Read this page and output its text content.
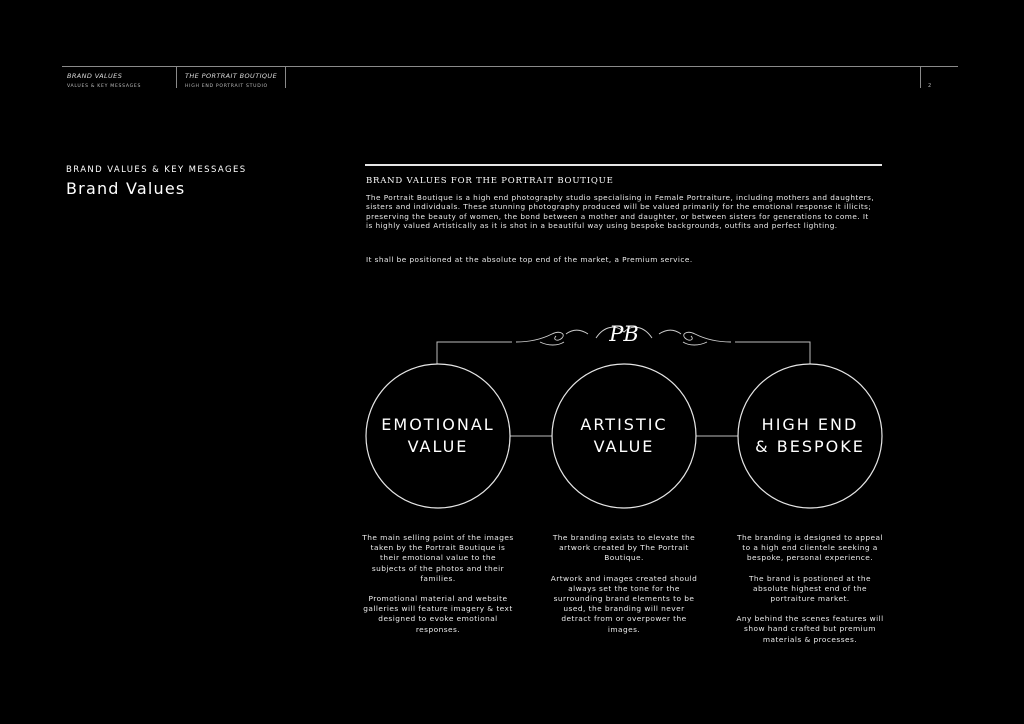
BRAND VALUES
VALUES & KEY MESSAGES
THE PORTRAIT BOUTIQUE
HIGH END PORTRAIT STUDIO	2
BRAND VALUES & KEY MESSAGES
Brand Values	BRAND VALUES FOR THE PORTRAIT BOUTIQUE

The Portrait Boutique is a high end photography studio specialising in Female Portraiture, including mothers and daughters, sisters and individuals. These stunning photography produced will be valued primarily for the emotional response it illicits; preserving the beauty of women, the bond between a mother and daughter, or between sisters for generations to come. It is highly valued Artistically as it is shot in a beautiful way using bespoke backgrounds, outfits and perfect lighting.

It shall be positioned at the absolute top end of the market, a Premium service.

PB
EMOTIONAL
VALUE
ARTISTIC
VALUE
HIGH END
& BESPOKE

The main selling point of the images taken by the Portrait Boutique is their emotional value to the subjects of the photos and their families.

Promotional material and website galleries will feature imagery & text designed to evoke emotional responses.

The branding exists to elevate the artwork created by The Portrait Boutique.

Artwork and images created should always set the tone for the surrounding brand elements to be used, the branding will never detract from or overpower the images.

The branding is designed to appeal to a high end clientele seeking a bespoke, personal experience.

The brand is postioned at the absolute highest end of the portraiture market.

Any behind the scenes features will show hand crafted but premium materials & processes.
